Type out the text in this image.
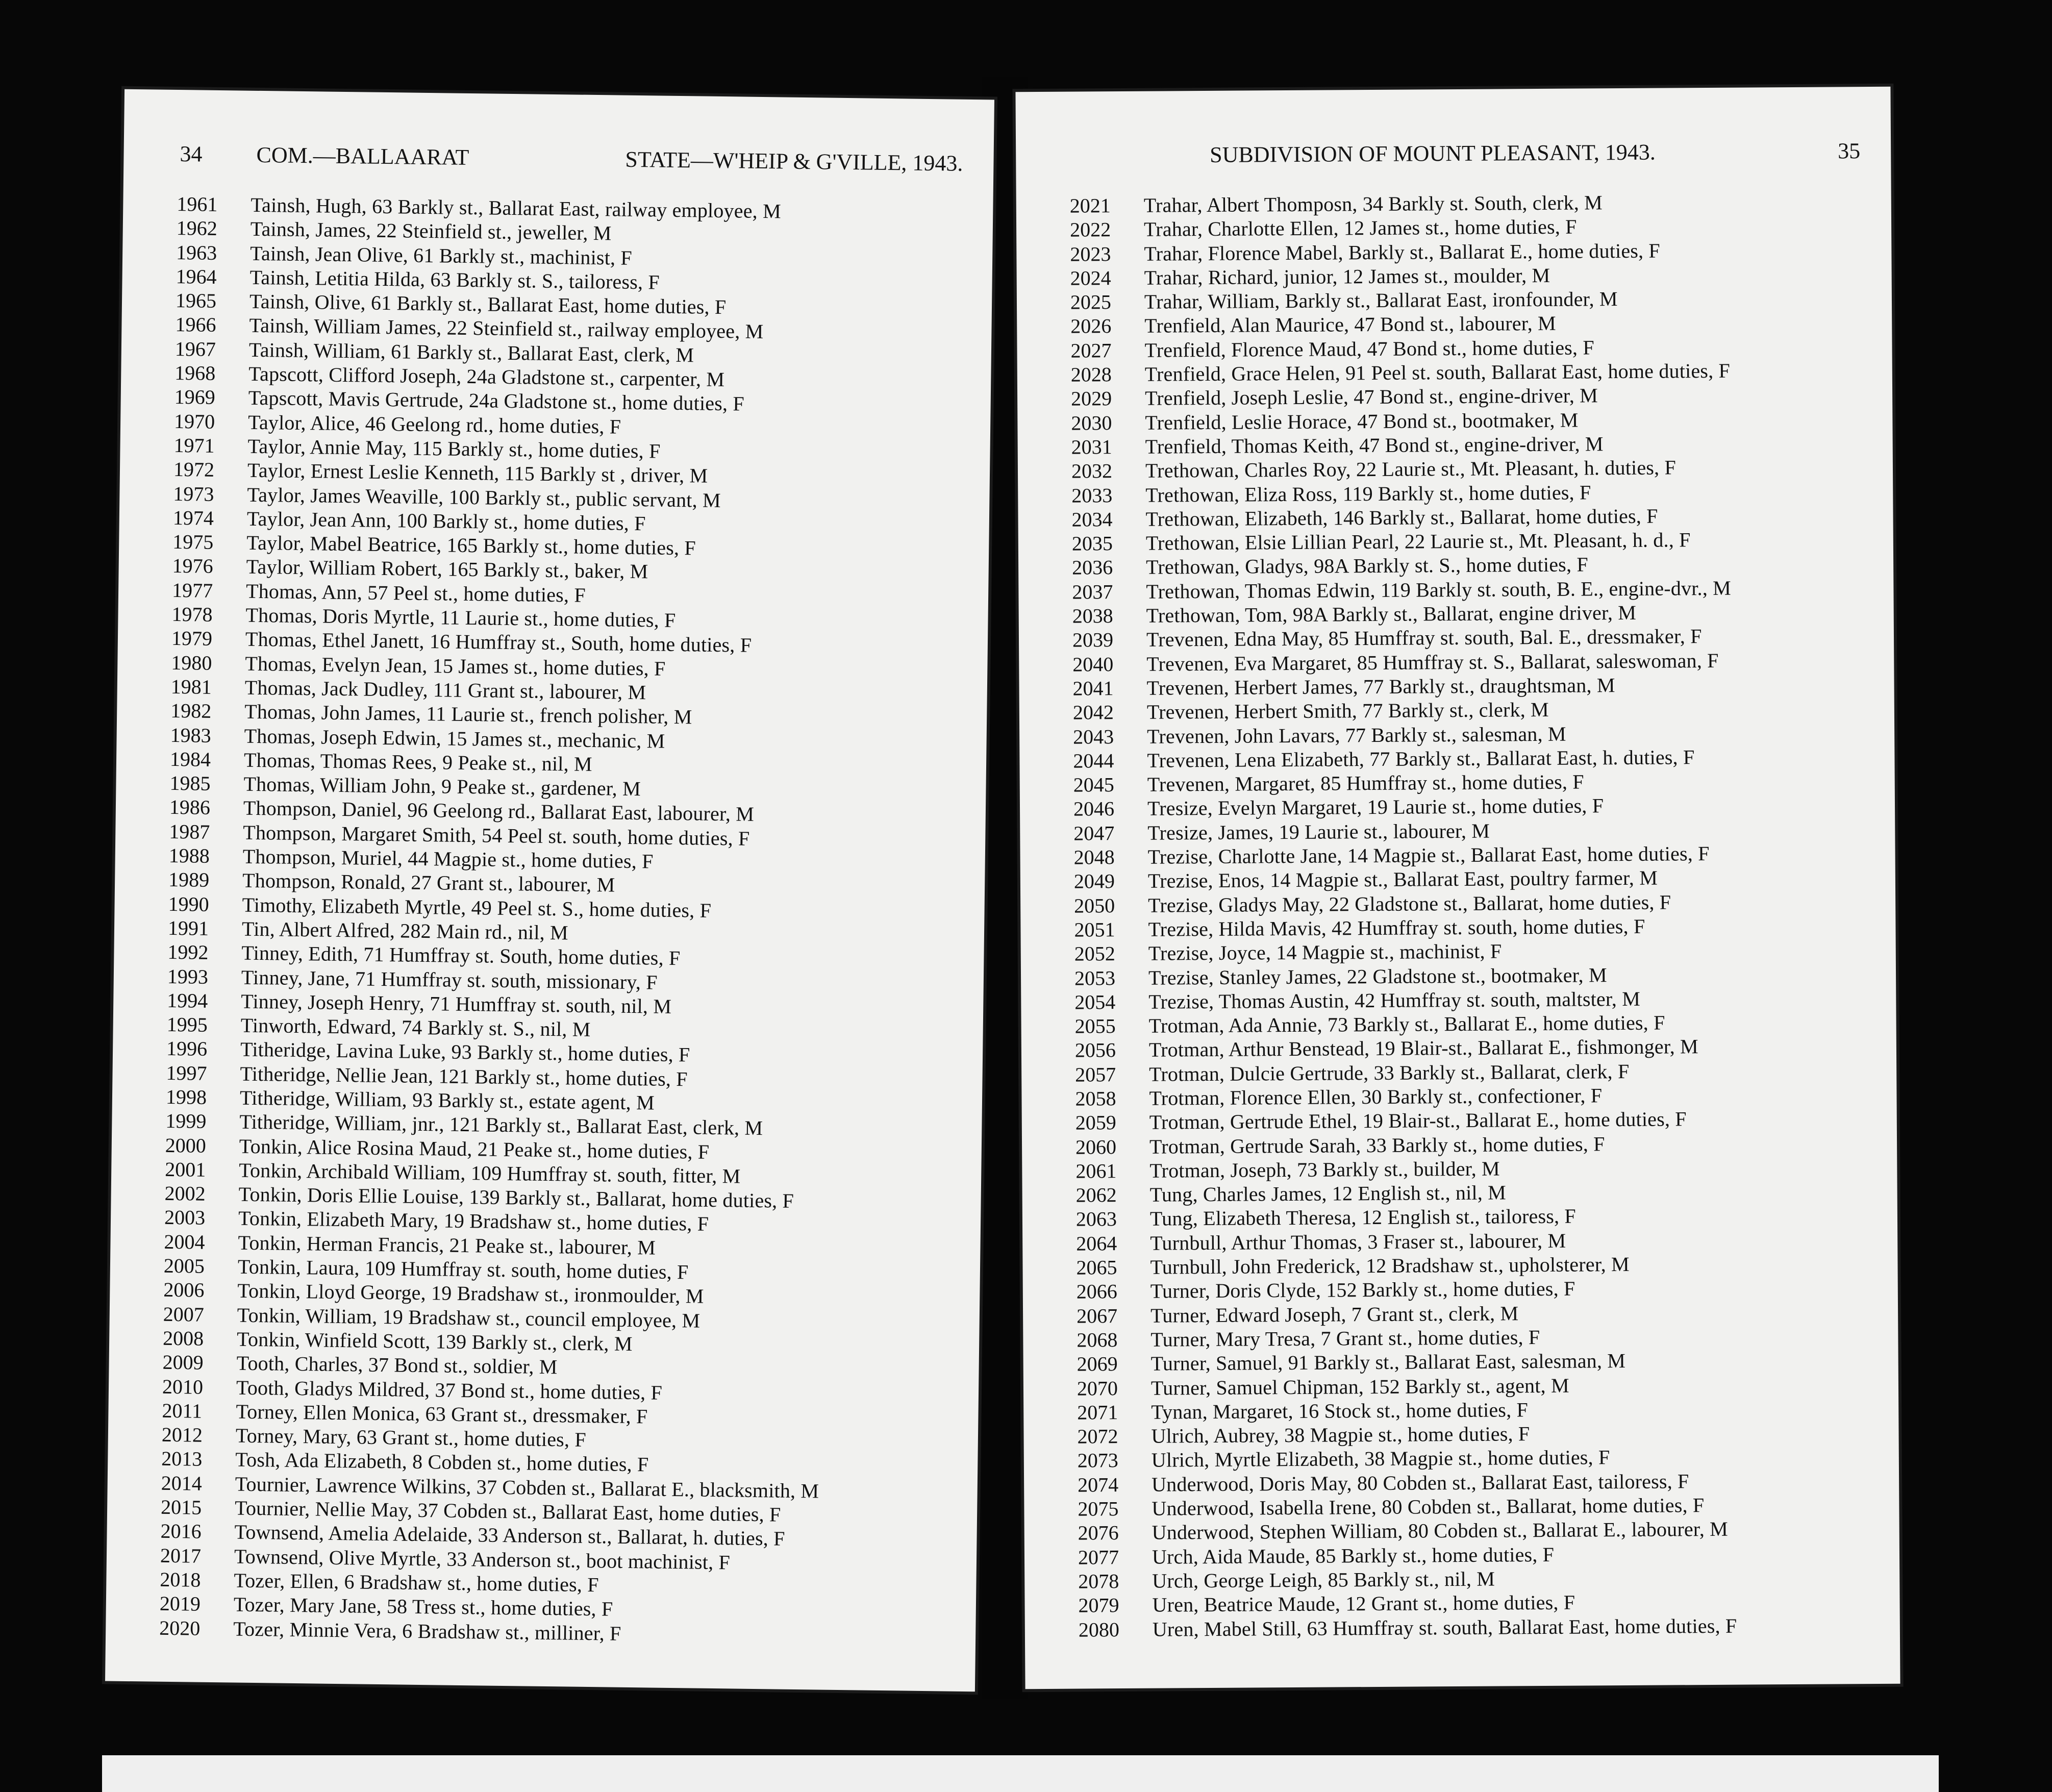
34 COM.—BALLAARAT	STATE—W'HEIP & G'VILLE, 1943.
1961 Tainsh, Hugh, 63 Barkly st., Ballarat East, railway employee, M
1962 Tainsh, James, 22 Steinfield st., jeweller, M
1963 Tainsh, Jean Olive, 61 Barkly st., machinist, F
1964 Tainsh, Letitia Hilda, 63 Barkly st. S., tailoress, F
1965 Tainsh, Olive, 61 Barkly st., Ballarat East, home duties, F
1966 Tainsh, William James, 22 Steinfield st., railway employee, M
1967 Tainsh, William, 61 Barkly st., Ballarat East, clerk, M
1968 Tapscott, Clifford Joseph, 24a Gladstone st., carpenter, M
1969 Tapscott, Mavis Gertrude, 24a Gladstone st., home duties, F
1970 Taylor, Alice, 46 Geelong rd., home duties, F
1971 Taylor, Annie May, 115 Barkly st., home duties, F
1972 Taylor, Ernest Leslie Kenneth, 115 Barkly st , driver, M
1973 Taylor, James Weaville, 100 Barkly st., public servant, M
1974 Taylor, Jean Ann, 100 Barkly st., home duties, F
1975 Taylor, Mabel Beatrice, 165 Barkly st., home duties, F
1976 Taylor, William Robert, 165 Barkly st., baker, M
1977 Thomas, Ann, 57 Peel st., home duties, F
1978 Thomas, Doris Myrtle, 11 Laurie st., home duties, F
1979 Thomas, Ethel Janett, 16 Humffray st., South, home duties, F
1980 Thomas, Evelyn Jean, 15 James st., home duties, F
1981 Thomas, Jack Dudley, 111 Grant st., labourer, M
1982 Thomas, John James, 11 Laurie st., french polisher, M
1983 Thomas, Joseph Edwin, 15 James st., mechanic, M
1984 Thomas, Thomas Rees, 9 Peake st., nil, M
1985 Thomas, William John, 9 Peake st., gardener, M
1986 Thompson, Daniel, 96 Geelong rd., Ballarat East, labourer, M
1987 Thompson, Margaret Smith, 54 Peel st. south, home duties, F
1988 Thompson, Muriel, 44 Magpie st., home duties, F
1989 Thompson, Ronald, 27 Grant st., labourer, M
1990 Timothy, Elizabeth Myrtle, 49 Peel st. S., home duties, F
1991 Tin, Albert Alfred, 282 Main rd., nil, M
1992 Tinney, Edith, 71 Humffray st. South, home duties, F
1993 Tinney, Jane, 71 Humffray st. south, missionary, F
1994 Tinney, Joseph Henry, 71 Humffray st. south, nil, M
1995 Tinworth, Edward, 74 Barkly st. S., nil, M
1996 Titheridge, Lavina Luke, 93 Barkly st., home duties, F
1997 Titheridge, Nellie Jean, 121 Barkly st., home duties, F
1998 Titheridge, William, 93 Barkly st., estate agent, M
1999 Titheridge, William, jnr., 121 Barkly st., Ballarat East, clerk, M
2000 Tonkin, Alice Rosina Maud, 21 Peake st., home duties, F
2001 Tonkin, Archibald William, 109 Humffray st. south, fitter, M
2002 Tonkin, Doris Ellie Louise, 139 Barkly st., Ballarat, home duties, F
2003 Tonkin, Elizabeth Mary, 19 Bradshaw st., home duties, F
2004 Tonkin, Herman Francis, 21 Peake st., labourer, M
2005 Tonkin, Laura, 109 Humffray st. south, home duties, F
2006 Tonkin, Lloyd George, 19 Bradshaw st., ironmoulder, M
2007 Tonkin, William, 19 Bradshaw st., council employee, M
2008 Tonkin, Winfield Scott, 139 Barkly st., clerk, M
2009 Tooth, Charles, 37 Bond st., soldier, M
2010 Tooth, Gladys Mildred, 37 Bond st., home duties, F
2011 Torney, Ellen Monica, 63 Grant st., dressmaker, F
2012 Torney, Mary, 63 Grant st., home duties, F
2013 Tosh, Ada Elizabeth, 8 Cobden st., home duties, F
2014 Tournier, Lawrence Wilkins, 37 Cobden st., Ballarat E., blacksmith, M
2015 Tournier, Nellie May, 37 Cobden st., Ballarat East, home duties, F
2016 Townsend, Amelia Adelaide, 33 Anderson st., Ballarat, h. duties, F
2017 Townsend, Olive Myrtle, 33 Anderson st., boot machinist, F
2018 Tozer, Ellen, 6 Bradshaw st., home duties, F
2019 Tozer, Mary Jane, 58 Tress st., home duties, F
2020 Tozer, Minnie Vera, 6 Bradshaw st., milliner, F
SUBDIVISION OF MOUNT PLEASANT, 1943.	35
2021 Trahar, Albert Thomposn, 34 Barkly st. South, clerk, M
2022 Trahar, Charlotte Ellen, 12 James st., home duties, F
2023 Trahar, Florence Mabel, Barkly st., Ballarat E., home duties, F
2024 Trahar, Richard, junior, 12 James st., moulder, M
2025 Trahar, William, Barkly st., Ballarat East, ironfounder, M
2026 Trenfield, Alan Maurice, 47 Bond st., labourer, M
2027 Trenfield, Florence Maud, 47 Bond st., home duties, F
2028 Trenfield, Grace Helen, 91 Peel st. south, Ballarat East, home duties, F
2029 Trenfield, Joseph Leslie, 47 Bond st., engine-driver, M
2030 Trenfield, Leslie Horace, 47 Bond st., bootmaker, M
2031 Trenfield, Thomas Keith, 47 Bond st., engine-driver, M
2032 Trethowan, Charles Roy, 22 Laurie st., Mt. Pleasant, h. duties, F
2033 Trethowan, Eliza Ross, 119 Barkly st., home duties, F
2034 Trethowan, Elizabeth, 146 Barkly st., Ballarat, home duties, F
2035 Trethowan, Elsie Lillian Pearl, 22 Laurie st., Mt. Pleasant, h. d., F
2036 Trethowan, Gladys, 98A Barkly st. S., home duties, F
2037 Trethowan, Thomas Edwin, 119 Barkly st. south, B. E., engine-dvr., M
2038 Trethowan, Tom, 98A Barkly st., Ballarat, engine driver, M
2039 Trevenen, Edna May, 85 Humffray st. south, Bal. E., dressmaker, F
2040 Trevenen, Eva Margaret, 85 Humffray st. S., Ballarat, saleswoman, F
2041 Trevenen, Herbert James, 77 Barkly st., draughtsman, M
2042 Trevenen, Herbert Smith, 77 Barkly st., clerk, M
2043 Trevenen, John Lavars, 77 Barkly st., salesman, M
2044 Trevenen, Lena Elizabeth, 77 Barkly st., Ballarat East, h. duties, F
2045 Trevenen, Margaret, 85 Humffray st., home duties, F
2046 Tresize, Evelyn Margaret, 19 Laurie st., home duties, F
2047 Tresize, James, 19 Laurie st., labourer, M
2048 Trezise, Charlotte Jane, 14 Magpie st., Ballarat East, home duties, F
2049 Trezise, Enos, 14 Magpie st., Ballarat East, poultry farmer, M
2050 Trezise, Gladys May, 22 Gladstone st., Ballarat, home duties, F
2051 Trezise, Hilda Mavis, 42 Humffray st. south, home duties, F
2052 Trezise, Joyce, 14 Magpie st., machinist, F
2053 Trezise, Stanley James, 22 Gladstone st., bootmaker, M
2054 Trezise, Thomas Austin, 42 Humffray st. south, maltster, M
2055 Trotman, Ada Annie, 73 Barkly st., Ballarat E., home duties, F
2056 Trotman, Arthur Benstead, 19 Blair-st., Ballarat E., fishmonger, M
2057 Trotman, Dulcie Gertrude, 33 Barkly st., Ballarat, clerk, F
2058 Trotman, Florence Ellen, 30 Barkly st., confectioner, F
2059 Trotman, Gertrude Ethel, 19 Blair-st., Ballarat E., home duties, F
2060 Trotman, Gertrude Sarah, 33 Barkly st., home duties, F
2061 Trotman, Joseph, 73 Barkly st., builder, M
2062 Tung, Charles James, 12 English st., nil, M
2063 Tung, Elizabeth Theresa, 12 English st., tailoress, F
2064 Turnbull, Arthur Thomas, 3 Fraser st., labourer, M
2065 Turnbull, John Frederick, 12 Bradshaw st., upholsterer, M
2066 Turner, Doris Clyde, 152 Barkly st., home duties, F
2067 Turner, Edward Joseph, 7 Grant st., clerk, M
2068 Turner, Mary Tresa, 7 Grant st., home duties, F
2069 Turner, Samuel, 91 Barkly st., Ballarat East, salesman, M
2070 Turner, Samuel Chipman, 152 Barkly st., agent, M
2071 Tynan, Margaret, 16 Stock st., home duties, F
2072 Ulrich, Aubrey, 38 Magpie st., home duties, F
2073 Ulrich, Myrtle Elizabeth, 38 Magpie st., home duties, F
2074 Underwood, Doris May, 80 Cobden st., Ballarat East, tailoress, F
2075 Underwood, Isabella Irene, 80 Cobden st., Ballarat, home duties, F
2076 Underwood, Stephen William, 80 Cobden st., Ballarat E., labourer, M
2077 Urch, Aida Maude, 85 Barkly st., home duties, F
2078 Urch, George Leigh, 85 Barkly st., nil, M
2079 Uren, Beatrice Maude, 12 Grant st., home duties, F
2080 Uren, Mabel Still, 63 Humffray st. south, Ballarat East, home duties, F
